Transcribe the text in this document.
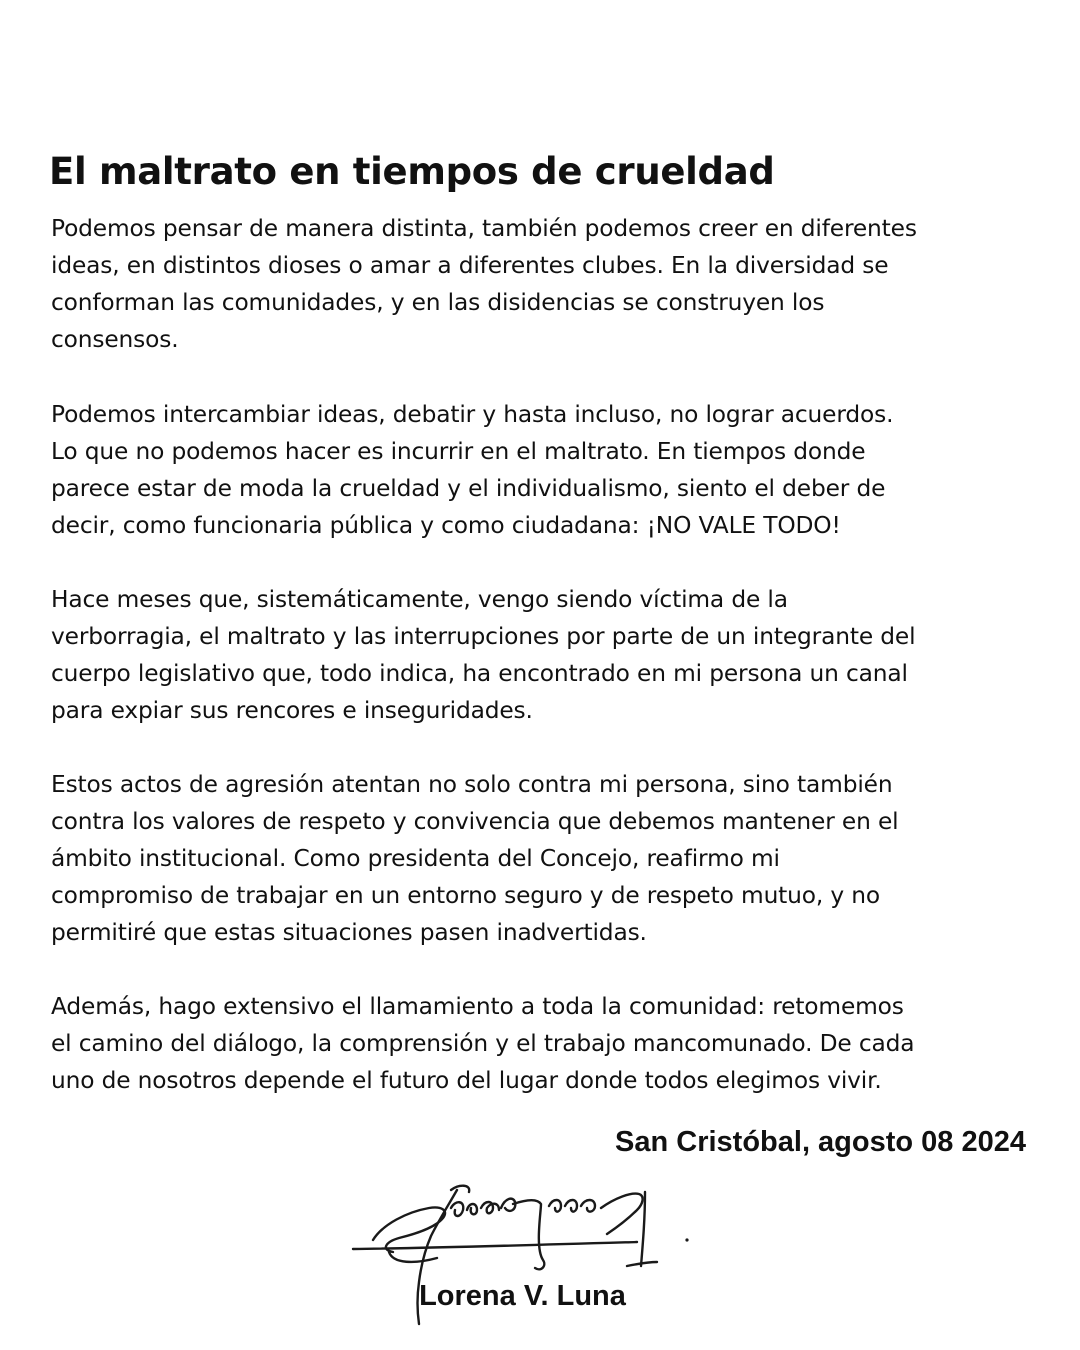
El maltrato en tiempos de crueldad

Podemos pensar de manera distinta, también podemos creer en diferentes
ideas, en distintos dioses o amar a diferentes clubes. En la diversidad se
conforman las comunidades, y en las disidencias se construyen los
consensos.

Podemos intercambiar ideas, debatir y hasta incluso, no lograr acuerdos.
Lo que no podemos hacer es incurrir en el maltrato. En tiempos donde
parece estar de moda la crueldad y el individualismo, siento el deber de
decir, como funcionaria pública y como ciudadana: ¡NO VALE TODO!

Hace meses que, sistemáticamente, vengo siendo víctima de la
verborragia, el maltrato y las interrupciones por parte de un integrante del
cuerpo legislativo que, todo indica, ha encontrado en mi persona un canal
para expiar sus rencores e inseguridades.

Estos actos de agresión atentan no solo contra mi persona, sino también
contra los valores de respeto y convivencia que debemos mantener en el
ámbito institucional. Como presidenta del Concejo, reafirmo mi
compromiso de trabajar en un entorno seguro y de respeto mutuo, y no
permitiré que estas situaciones pasen inadvertidas.

Además, hago extensivo el llamamiento a toda la comunidad: retomemos
el camino del diálogo, la comprensión y el trabajo mancomunado. De cada
uno de nosotros depende el futuro del lugar donde todos elegimos vivir.

San Cristóbal, agosto 08 2024

Lorena V. Luna
